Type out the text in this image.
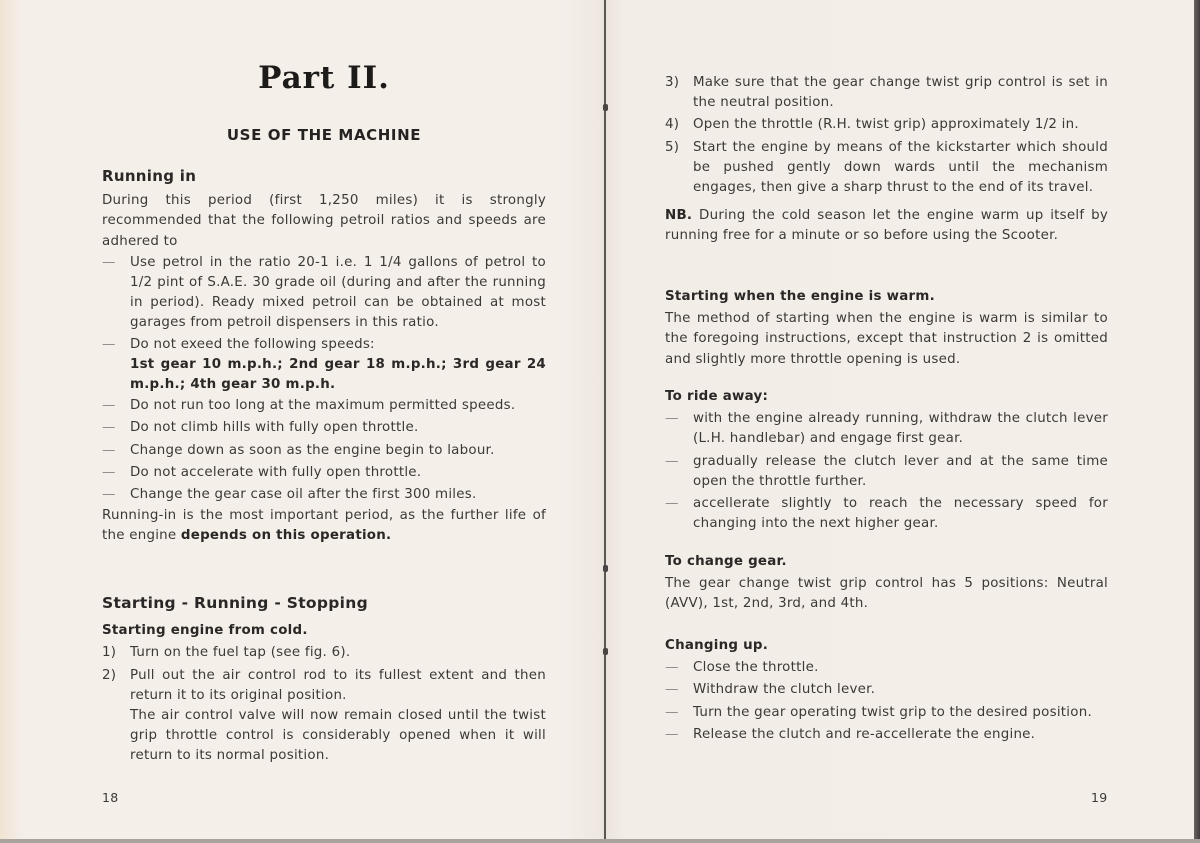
Part II.
USE OF THE MACHINE
Running in
During this period (first 1,250 miles) it is strongly recommended that the following petroil ratios and speeds are adhered to
— Use petrol in the ratio 20-1 i.e. 1 1/4 gallons of petrol to 1/2 pint of S.A.E. 30 grade oil (during and after the running in period). Ready mixed petroil can be obtained at most garages from petroil dispensers in this ratio.
— Do not exeed the following speeds:
1st gear 10 m.p.h.; 2nd gear 18 m.p.h.; 3rd gear 24 m.p.h.; 4th gear 30 m.p.h.
— Do not run too long at the maximum permitted speeds.
— Do not climb hills with fully open throttle.
— Change down as soon as the engine begin to labour.
— Do not accelerate with fully open throttle.
— Change the gear case oil after the first 300 miles.
Running-in is the most important period, as the further life of the engine depends on this operation.
Starting - Running - Stopping
Starting engine from cold.
1) Turn on the fuel tap (see fig. 6).
2) Pull out the air control rod to its fullest extent and then return it to its original position.
The air control valve will now remain closed until the twist grip throttle control is considerably opened when it will return to its normal position.
18
3) Make sure that the gear change twist grip control is set in the neutral position.
4) Open the throttle (R.H. twist grip) approximately 1/2 in.
5) Start the engine by means of the kickstarter which should be pushed gently down wards until the mechanism engages, then give a sharp thrust to the end of its travel.
NB. During the cold season let the engine warm up itself by running free for a minute or so before using the Scooter.
Starting when the engine is warm.
The method of starting when the engine is warm is similar to the foregoing instructions, except that instruction 2 is omitted and slightly more throttle opening is used.
To ride away:
— with the engine already running, withdraw the clutch lever (L.H. handlebar) and engage first gear.
— gradually release the clutch lever and at the same time open the throttle further.
— accellerate slightly to reach the necessary speed for changing into the next higher gear.
To change gear.
The gear change twist grip control has 5 positions: Neutral (AVV), 1st, 2nd, 3rd, and 4th.
Changing up.
— Close the throttle.
— Withdraw the clutch lever.
— Turn the gear operating twist grip to the desired position.
— Release the clutch and re-accellerate the engine.
19
